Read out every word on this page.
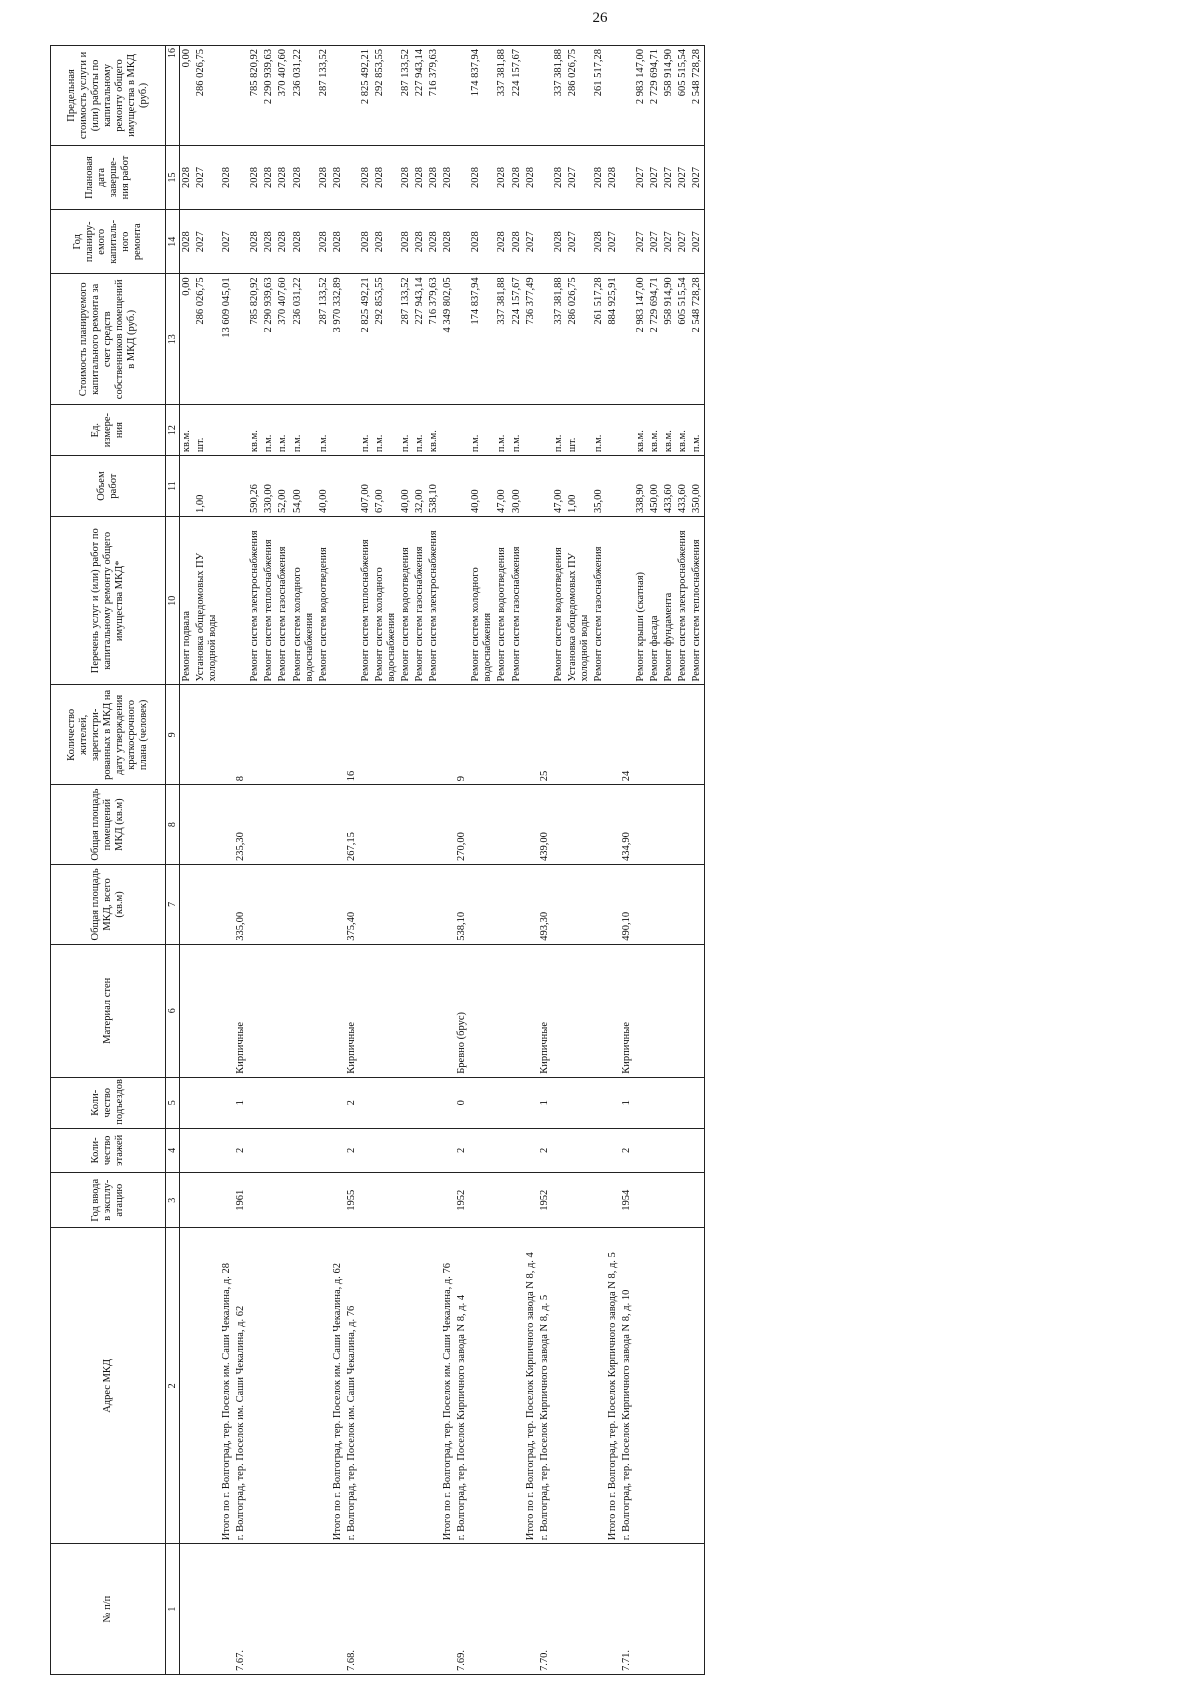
26
№ п/п	Адрес МКД	Год ввода в эксплу- атацию	Коли- чество этажей	Коли- чество подъездов	Материал стен	Общая площадь МКД, всего (кв.м)	Общая площадь помещений МКД (кв.м)	Количество жителей, зарегистри- рованных в МКД на дату утверждения краткосрочного плана (человек)	Перечень услуг и (или) работ по капитальному ремонту общего имущества МКД*	Объем работ	Ед. измере- ния	Стоимость планируемого капитального ремонта за счет средств собственников помещений в МКД (руб.)	Год планиру- емого капиталь- ного ремонта	Плановая дата заверше- ния работ	Предельная стоимость услуги и (или) работы по капитальному ремонту общего имущества в МКД (руб.)
1	2	3	4	5	6	7	8	9	10	11	12	13	14	15	16
									Ремонт подвала		кв.м.	0,00	2028	2028	0,00
									Установка общедомовых ПУ холодной воды	1,00	шт.	286 026,75	2027	2027	286 026,75
	Итого по г. Волгоград, тер. Поселок им. Саши Чекалина, д. 28											13 609 045,01	2027	2028	
7.67.	г. Волгоград, тер. Поселок им. Саши Чекалина, д. 62	1961	2	1	Кирпичные	335,00	235,30	8							
									Ремонт систем электроснабжения	590,26	кв.м.	785 820,92	2028	2028	785 820,92
									Ремонт систем теплоснабжения	330,00	п.м.	2 290 939,63	2028	2028	2 290 939,63
									Ремонт систем газоснабжения	52,00	п.м.	370 407,60	2028	2028	370 407,60
									Ремонт систем холодного водоснабжения	54,00	п.м.	236 031,22	2028	2028	236 031,22
									Ремонт систем водоотведения	40,00	п.м.	287 133,52	2028	2028	287 133,52
	Итого по г. Волгоград, тер. Поселок им. Саши Чекалина, д. 62											3 970 332,89	2028	2028	
7.68.	г. Волгоград, тер. Поселок им. Саши Чекалина, д. 76	1955	2	2	Кирпичные	375,40	267,15	16							
									Ремонт систем теплоснабжения	407,00	п.м.	2 825 492,21	2028	2028	2 825 492,21
									Ремонт систем холодного водоснабжения	67,00	п.м.	292 853,55	2028	2028	292 853,55
									Ремонт систем водоотведения	40,00	п.м.	287 133,52	2028	2028	287 133,52
									Ремонт систем газоснабжения	32,00	п.м.	227 943,14	2028	2028	227 943,14
									Ремонт систем электроснабжения	538,10	кв.м.	716 379,63	2028	2028	716 379,63
	Итого по г. Волгоград, тер. Поселок им. Саши Чекалина, д. 76											4 349 802,05	2028	2028	
7.69.	г. Волгоград, тер. Поселок Кирпичного завода N 8, д. 4	1952	2	0	Бревно (брус)	538,10	270,00	9							
									Ремонт систем холодного водоснабжения	40,00	п.м.	174 837,94	2028	2028	174 837,94
									Ремонт систем водоотведения	47,00	п.м.	337 381,88	2028	2028	337 381,88
									Ремонт систем газоснабжения	30,00	п.м.	224 157,67	2028	2028	224 157,67
	Итого по г. Волгоград, тер. Поселок Кирпичного завода N 8, д. 4											736 377,49	2027	2028	
7.70.	г. Волгоград, тер. Поселок Кирпичного завода N 8, д. 5	1952	2	1	Кирпичные	493,30	439,00	25							
									Ремонт систем водоотведения	47,00	п.м.	337 381,88	2028	2028	337 381,88
									Установка общедомовых ПУ холодной воды	1,00	шт.	286 026,75	2027	2027	286 026,75
									Ремонт систем газоснабжения	35,00	п.м.	261 517,28	2028	2028	261 517,28
	Итого по г. Волгоград, тер. Поселок Кирпичного завода N 8, д. 5											884 925,91	2027	2028	
7.71.	г. Волгоград, тер. Поселок Кирпичного завода N 8, д. 10	1954	2	1	Кирпичные	490,10	434,90	24							
									Ремонт крыши (скатная)	338,90	кв.м.	2 983 147,00	2027	2027	2 983 147,00
									Ремонт фасада	450,00	кв.м.	2 729 694,71	2027	2027	2 729 694,71
									Ремонт фундамента	433,60	кв.м.	958 914,90	2027	2027	958 914,90
									Ремонт систем электроснабжения	433,60	кв.м.	605 515,54	2027	2027	605 515,54
									Ремонт систем теплоснабжения	350,00	п.м.	2 548 728,28	2027	2027	2 548 728,28
